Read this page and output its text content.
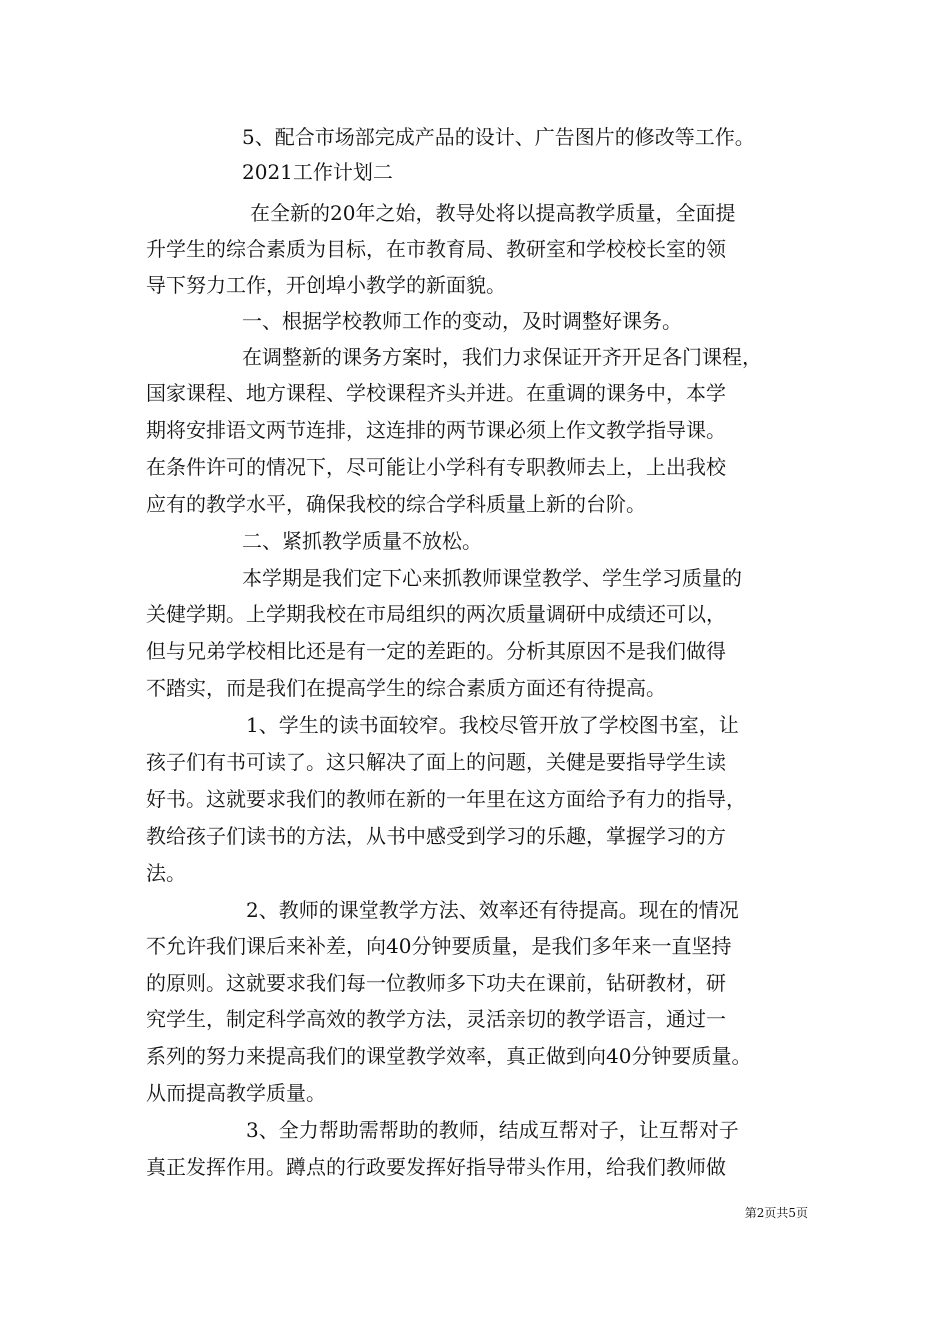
5、配合市场部完成产品的设计、广告图片的修改等工作。
2021工作计划二
在全新的20年之始，教导处将以提高教学质量，全面提
升学生的综合素质为目标，在市教育局、教研室和学校校长室的领
导下努力工作，开创埠小教学的新面貌。
一、根据学校教师工作的变动，及时调整好课务。
在调整新的课务方案时，我们力求保证开齐开足各门课程，
国家课程、地方课程、学校课程齐头并进。在重调的课务中，本学
期将安排语文两节连排，这连排的两节课必须上作文教学指导课。
在条件许可的情况下，尽可能让小学科有专职教师去上，上出我校
应有的教学水平，确保我校的综合学科质量上新的台阶。
二、紧抓教学质量不放松。
本学期是我们定下心来抓教师课堂教学、学生学习质量的
关健学期。上学期我校在市局组织的两次质量调研中成绩还可以，
但与兄弟学校相比还是有一定的差距的。分析其原因不是我们做得
不踏实，而是我们在提高学生的综合素质方面还有待提高。
1、学生的读书面较窄。我校尽管开放了学校图书室，让
孩子们有书可读了。这只解决了面上的问题，关健是要指导学生读
好书。这就要求我们的教师在新的一年里在这方面给予有力的指导，
教给孩子们读书的方法，从书中感受到学习的乐趣，掌握学习的方
法。
2、教师的课堂教学方法、效率还有待提高。现在的情况
不允许我们课后来补差，向40分钟要质量，是我们多年来一直坚持
的原则。这就要求我们每一位教师多下功夫在课前，钻研教材，研
究学生，制定科学高效的教学方法，灵活亲切的教学语言，通过一
系列的努力来提高我们的课堂教学效率，真正做到向40分钟要质量。
从而提高教学质量。
3、全力帮助需帮助的教师，结成互帮对子，让互帮对子
真正发挥作用。蹲点的行政要发挥好指导带头作用，给我们教师做
第2页共5页
